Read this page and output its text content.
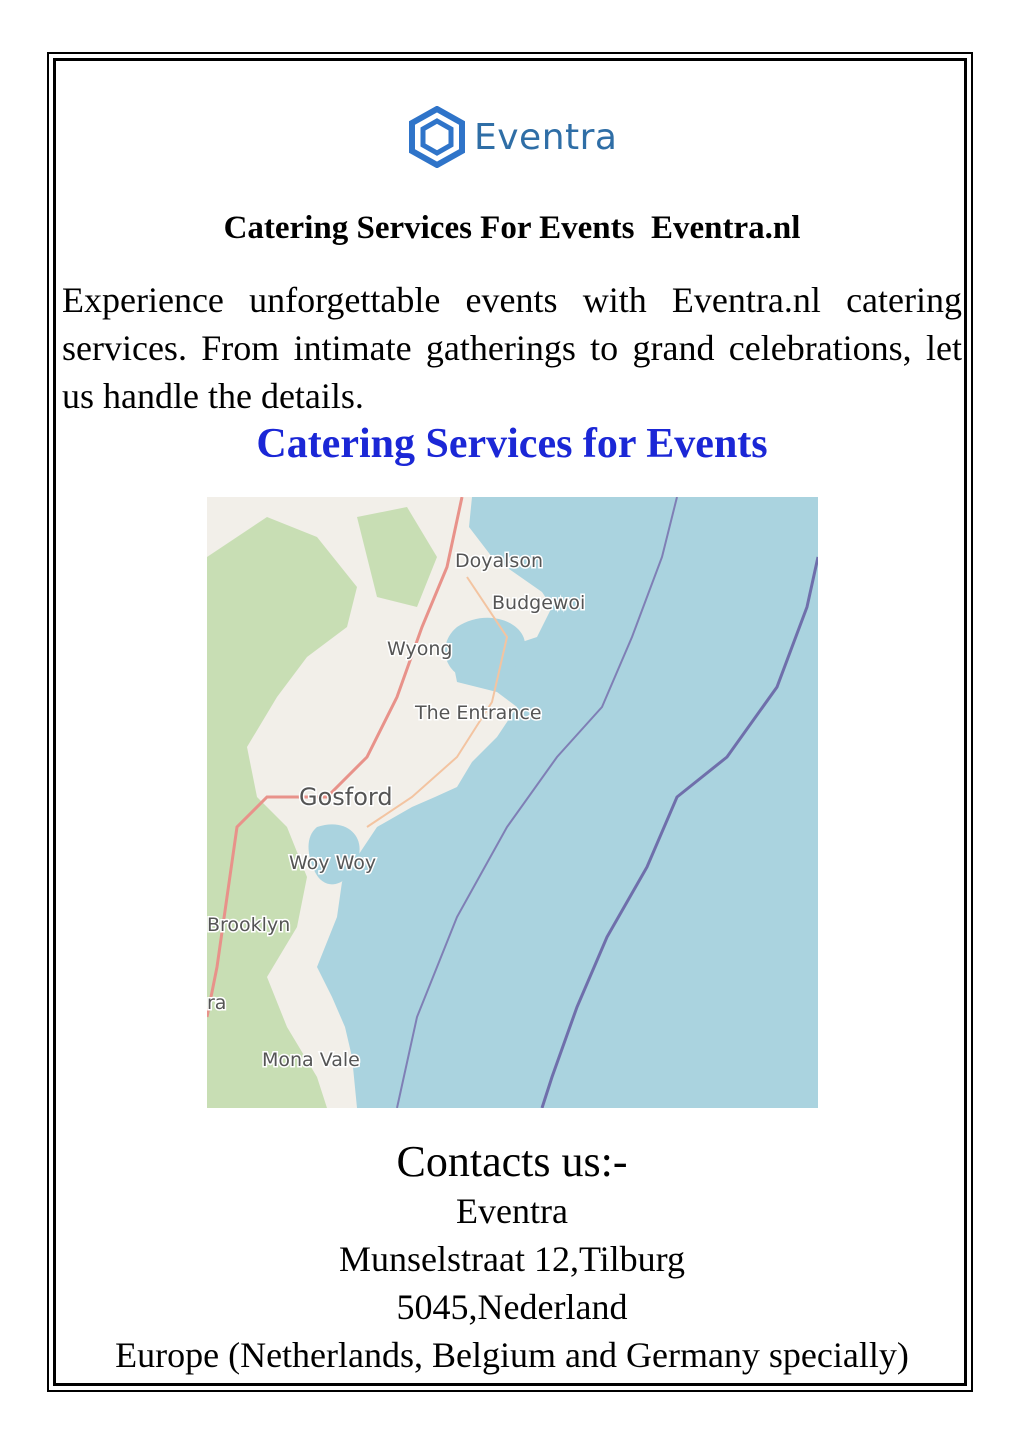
Eventra
Catering Services For Events  Eventra.nl
Experience unforgettable events with Eventra.nl catering services. From intimate gatherings to grand celebrations, let us handle the details.
Catering Services for Events
Doyalson
Budgewoi
Wyong
The Entrance
Gosford
Woy Woy
Brooklyn
ra
Mona Vale
Contacts us:-
Eventra
Munselstraat 12,Tilburg
5045,Nederland
Europe (Netherlands, Belgium and Germany specially)
